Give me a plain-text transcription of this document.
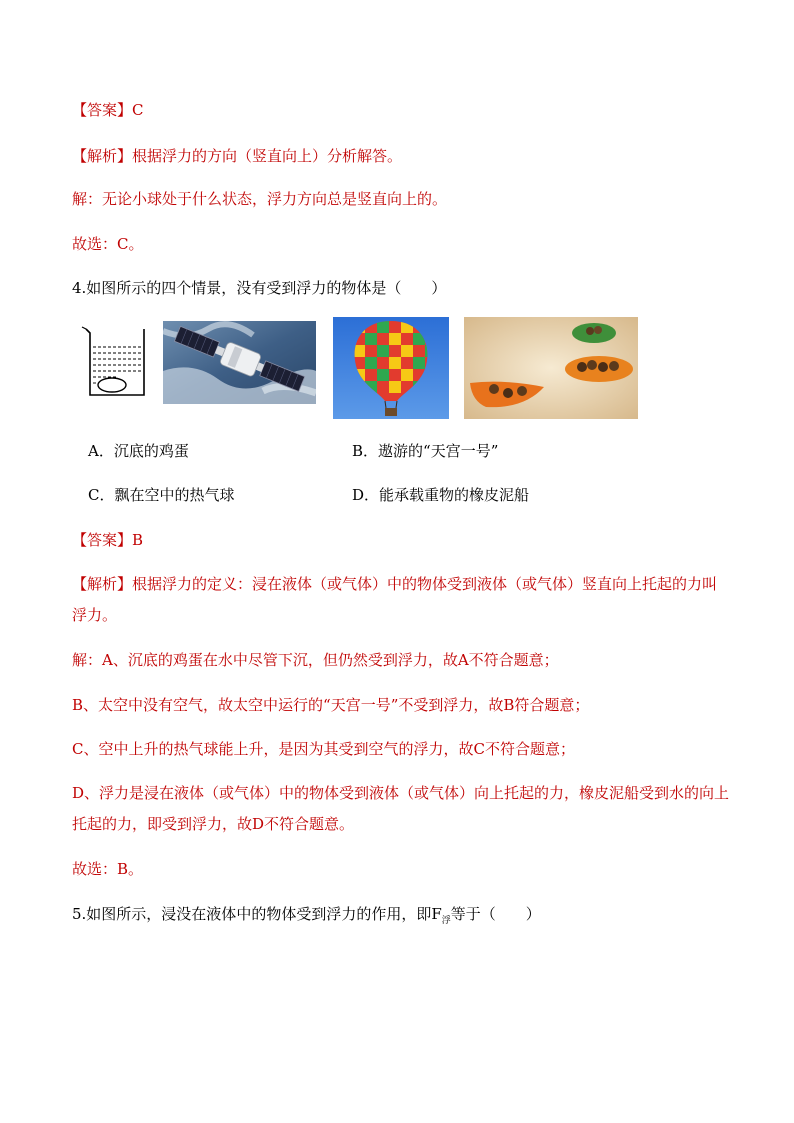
【答案】C
【解析】根据浮力的方向（竖直向上）分析解答。
解：无论小球处于什么状态，浮力方向总是竖直向上的。
故选：C。
4.如图所示的四个情景，没有受到浮力的物体是（　　）
A．沉底的鸡蛋	B．遨游的“天宫一号”
C．飘在空中的热气球	D．能承载重物的橡皮泥船
【答案】B
【解析】根据浮力的定义：浸在液体（或气体）中的物体受到液体（或气体）竖直向上托起的力叫浮力。
解：A、沉底的鸡蛋在水中尽管下沉，但仍然受到浮力，故A不符合题意；
B、太空中没有空气，故太空中运行的“天宫一号”不受到浮力，故B符合题意；
C、空中上升的热气球能上升，是因为其受到空气的浮力，故C不符合题意；
D、浮力是浸在液体（或气体）中的物体受到液体（或气体）向上托起的力，橡皮泥船受到水的向上托起的力，即受到浮力，故D不符合题意。
故选：B。
5.如图所示，浸没在液体中的物体受到浮力的作用，即$F_浮$等于（　　）
